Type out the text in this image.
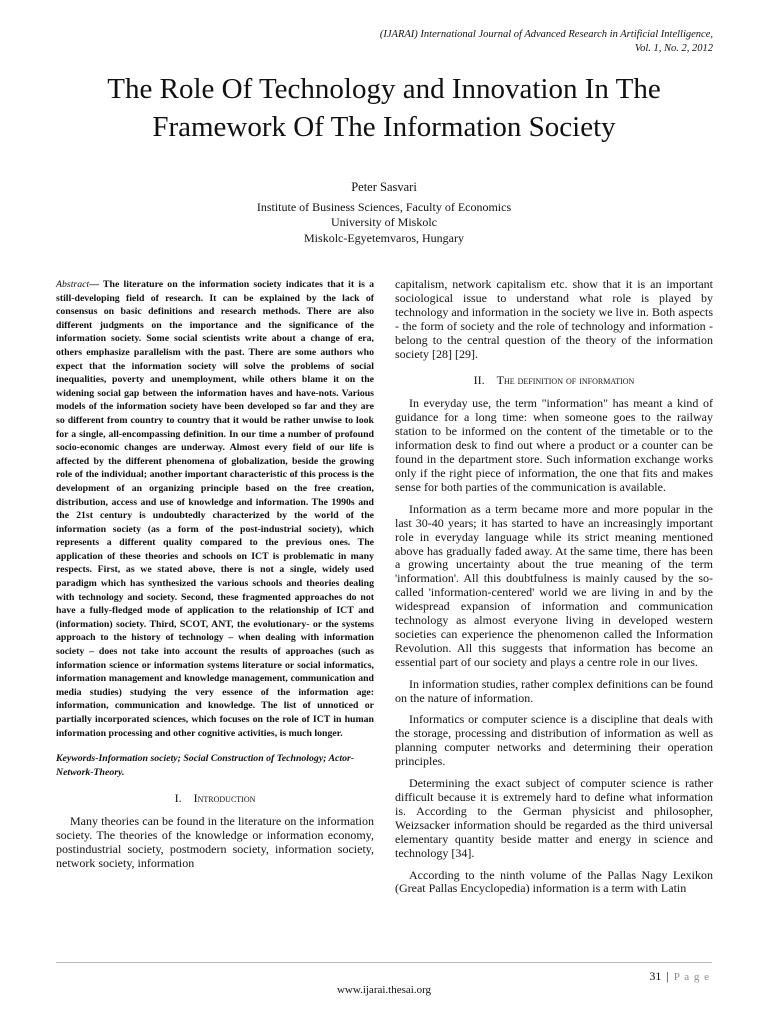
(IJARAI) International Journal of Advanced Research in Artificial Intelligence,
Vol. 1, No. 2, 2012
The Role Of Technology and Innovation In The
Framework Of The Information Society
Peter Sasvari
Institute of Business Sciences, Faculty of Economics
University of Miskolc
Miskolc-Egyetemvaros, Hungary

Abstract— The literature on the information society indicates that it is a still-developing field of research. It can be explained by the lack of consensus on basic definitions and research methods. There are also different judgments on the importance and the significance of the information society. Some social scientists write about a change of era, others emphasize parallelism with the past. There are some authors who expect that the information society will solve the problems of social inequalities, poverty and unemployment, while others blame it on the widening social gap between the information haves and have-nots. Various models of the information society have been developed so far and they are so different from country to country that it would be rather unwise to look for a single, all-encompassing definition. In our time a number of profound socio-economic changes are underway. Almost every field of our life is affected by the different phenomena of globalization, beside the growing role of the individual; another important characteristic of this process is the development of an organizing principle based on the free creation, distribution, access and use of knowledge and information. The 1990s and the 21st century is undoubtedly characterized by the world of the information society (as a form of the post-industrial society), which represents a different quality compared to the previous ones. The application of these theories and schools on ICT is problematic in many respects. First, as we stated above, there is not a single, widely used paradigm which has synthesized the various schools and theories dealing with technology and society. Second, these fragmented approaches do not have a fully-fledged mode of application to the relationship of ICT and (information) society. Third, SCOT, ANT, the evolutionary- or the systems approach to the history of technology – when dealing with information society – does not take into account the results of approaches (such as information science or information systems literature or social informatics, information management and knowledge management, communication and media studies) studying the very essence of the information age: information, communication and knowledge. The list of unnoticed or partially incorporated sciences, which focuses on the role of ICT in human information processing and other cognitive activities, is much longer.

Keywords-Information society; Social Construction of Technology; Actor-Network-Theory.

I. Introduction

Many theories can be found in the literature on the information society. The theories of the knowledge or information economy, postindustrial society, postmodern society, information society, network society, information

capitalism, network capitalism etc. show that it is an important sociological issue to understand what role is played by technology and information in the society we live in. Both aspects - the form of society and the role of technology and information - belong to the central question of the theory of the information society [28] [29].

II. The definition of information

In everyday use, the term "information" has meant a kind of guidance for a long time: when someone goes to the railway station to be informed on the content of the timetable or to the information desk to find out where a product or a counter can be found in the department store. Such information exchange works only if the right piece of information, the one that fits and makes sense for both parties of the communication is available.

Information as a term became more and more popular in the last 30-40 years; it has started to have an increasingly important role in everyday language while its strict meaning mentioned above has gradually faded away. At the same time, there has been a growing uncertainty about the true meaning of the term 'information'. All this doubtfulness is mainly caused by the so-called 'information-centered' world we are living in and by the widespread expansion of information and communication technology as almost everyone living in developed western societies can experience the phenomenon called the Information Revolution. All this suggests that information has become an essential part of our society and plays a centre role in our lives.

In information studies, rather complex definitions can be found on the nature of information.

Informatics or computer science is a discipline that deals with the storage, processing and distribution of information as well as planning computer networks and determining their operation principles.

Determining the exact subject of computer science is rather difficult because it is extremely hard to define what information is. According to the German physicist and philosopher, Weizsacker information should be regarded as the third universal elementary quantity beside matter and energy in science and technology [34].

According to the ninth volume of the Pallas Nagy Lexikon (Great Pallas Encyclopedia) information is a term with Latin

31 | P a g e
www.ijarai.thesai.org
